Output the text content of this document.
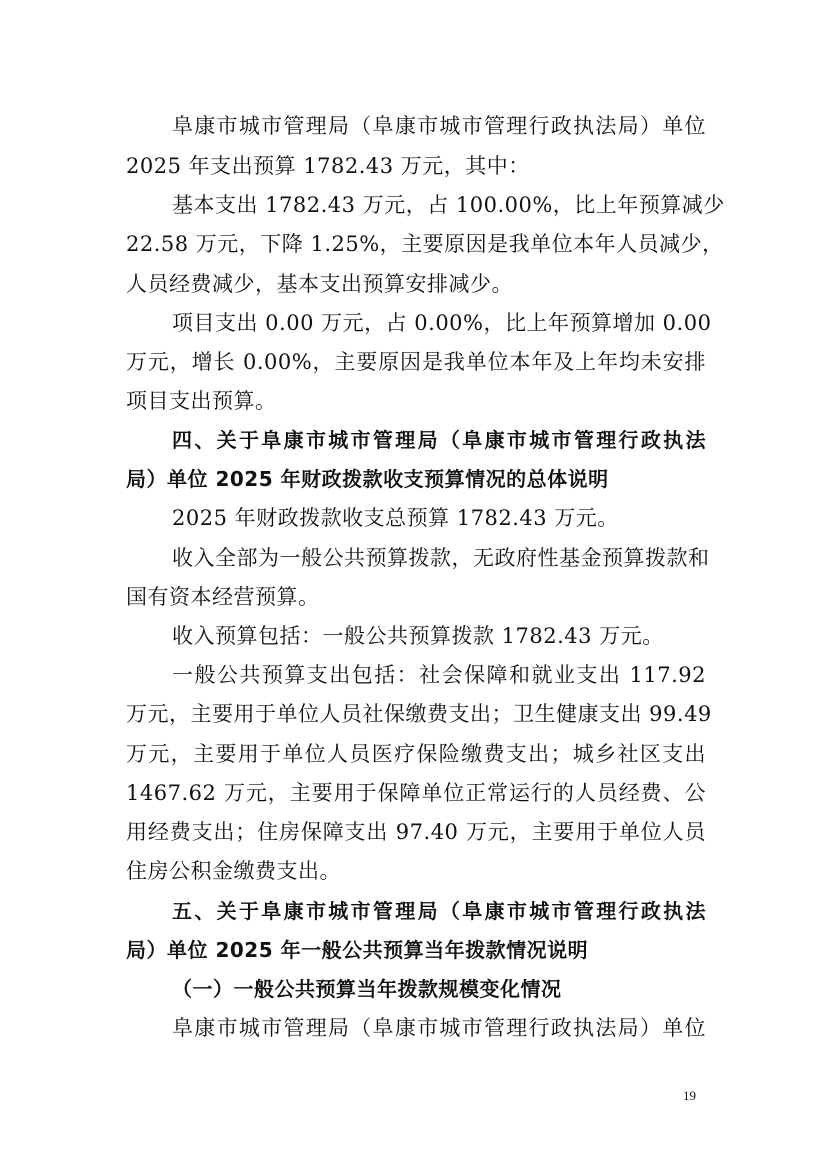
阜康市城市管理局（阜康市城市管理行政执法局）单位
2025 年支出预算 1782.43 万元，其中：
基本支出 1782.43 万元，占 100.00%，比上年预算减少
22.58 万元，下降 1.25%，主要原因是我单位本年人员减少，
人员经费减少，基本支出预算安排减少。
项目支出 0.00 万元，占 0.00%，比上年预算增加 0.00
万元，增长 0.00%，主要原因是我单位本年及上年均未安排
项目支出预算。
四、关于阜康市城市管理局（阜康市城市管理行政执法
局）单位 2025 年财政拨款收支预算情况的总体说明
2025 年财政拨款收支总预算 1782.43 万元。
收入全部为一般公共预算拨款，无政府性基金预算拨款和
国有资本经营预算。
收入预算包括：一般公共预算拨款 1782.43 万元。
一般公共预算支出包括：社会保障和就业支出 117.92
万元，主要用于单位人员社保缴费支出；卫生健康支出 99.49
万元，主要用于单位人员医疗保险缴费支出；城乡社区支出
1467.62 万元，主要用于保障单位正常运行的人员经费、公
用经费支出；住房保障支出 97.40 万元，主要用于单位人员
住房公积金缴费支出。
五、关于阜康市城市管理局（阜康市城市管理行政执法
局）单位 2025 年一般公共预算当年拨款情况说明
（一）一般公共预算当年拨款规模变化情况
阜康市城市管理局（阜康市城市管理行政执法局）单位
19
